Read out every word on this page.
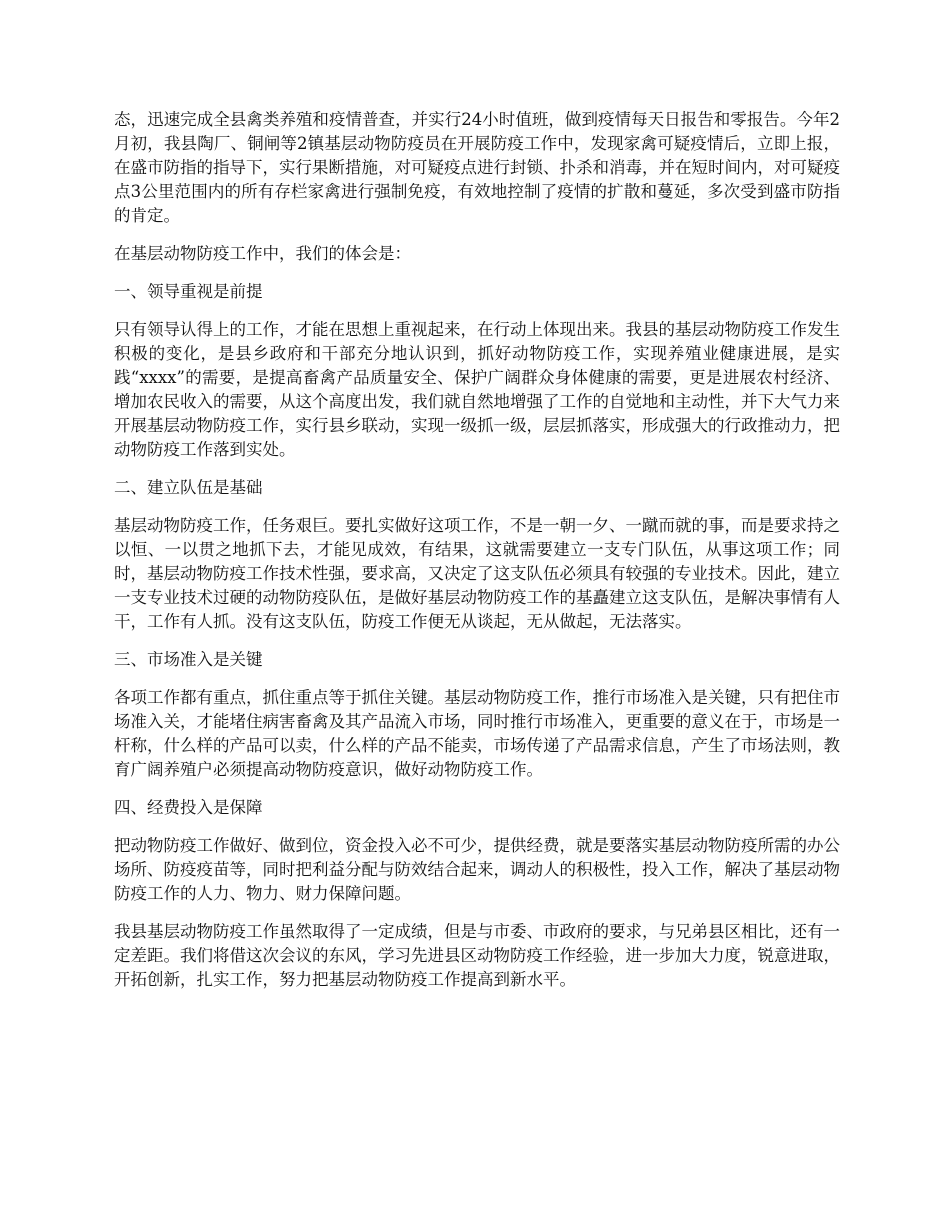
态，迅速完成全县禽类养殖和疫情普查，并实行24小时值班，做到疫情每天日报告和零报告。今年2月初，我县陶厂、铜闸等2镇基层动物防疫员在开展防疫工作中，发现家禽可疑疫情后，立即上报，在盛市防指的指导下，实行果断措施，对可疑疫点进行封锁、扑杀和消毒，并在短时间内，对可疑疫点3公里范围内的所有存栏家禽进行强制免疫，有效地控制了疫情的扩散和蔓延，多次受到盛市防指的肯定。

在基层动物防疫工作中，我们的体会是：

一、领导重视是前提

只有领导认得上的工作，才能在思想上重视起来，在行动上体现出来。我县的基层动物防疫工作发生积极的变化，是县乡政府和干部充分地认识到，抓好动物防疫工作，实现养殖业健康进展，是实践“xxxx”的需要，是提高畜禽产品质量安全、保护广阔群众身体健康的需要，更是进展农村经济、增加农民收入的需要，从这个高度出发，我们就自然地增强了工作的自觉地和主动性，并下大气力来开展基层动物防疫工作，实行县乡联动，实现一级抓一级，层层抓落实，形成强大的行政推动力，把动物防疫工作落到实处。

二、建立队伍是基础

基层动物防疫工作，任务艰巨。要扎实做好这项工作，不是一朝一夕、一蹴而就的事，而是要求持之以恒、一以贯之地抓下去，才能见成效，有结果，这就需要建立一支专门队伍，从事这项工作；同时，基层动物防疫工作技术性强，要求高，又决定了这支队伍必须具有较强的专业技术。因此，建立一支专业技术过硬的动物防疫队伍，是做好基层动物防疫工作的基矗建立这支队伍，是解决事情有人干，工作有人抓。没有这支队伍，防疫工作便无从谈起，无从做起，无法落实。

三、市场准入是关键

各项工作都有重点，抓住重点等于抓住关键。基层动物防疫工作，推行市场准入是关键，只有把住市场准入关，才能堵住病害畜禽及其产品流入市场，同时推行市场准入，更重要的意义在于，市场是一杆称，什么样的产品可以卖，什么样的产品不能卖，市场传递了产品需求信息，产生了市场法则，教育广阔养殖户必须提高动物防疫意识，做好动物防疫工作。

四、经费投入是保障

把动物防疫工作做好、做到位，资金投入必不可少，提供经费，就是要落实基层动物防疫所需的办公场所、防疫疫苗等，同时把利益分配与防效结合起来，调动人的积极性，投入工作，解决了基层动物防疫工作的人力、物力、财力保障问题。

我县基层动物防疫工作虽然取得了一定成绩，但是与市委、市政府的要求，与兄弟县区相比，还有一定差距。我们将借这次会议的东风，学习先进县区动物防疫工作经验，进一步加大力度，锐意进取，开拓创新，扎实工作，努力把基层动物防疫工作提高到新水平。
